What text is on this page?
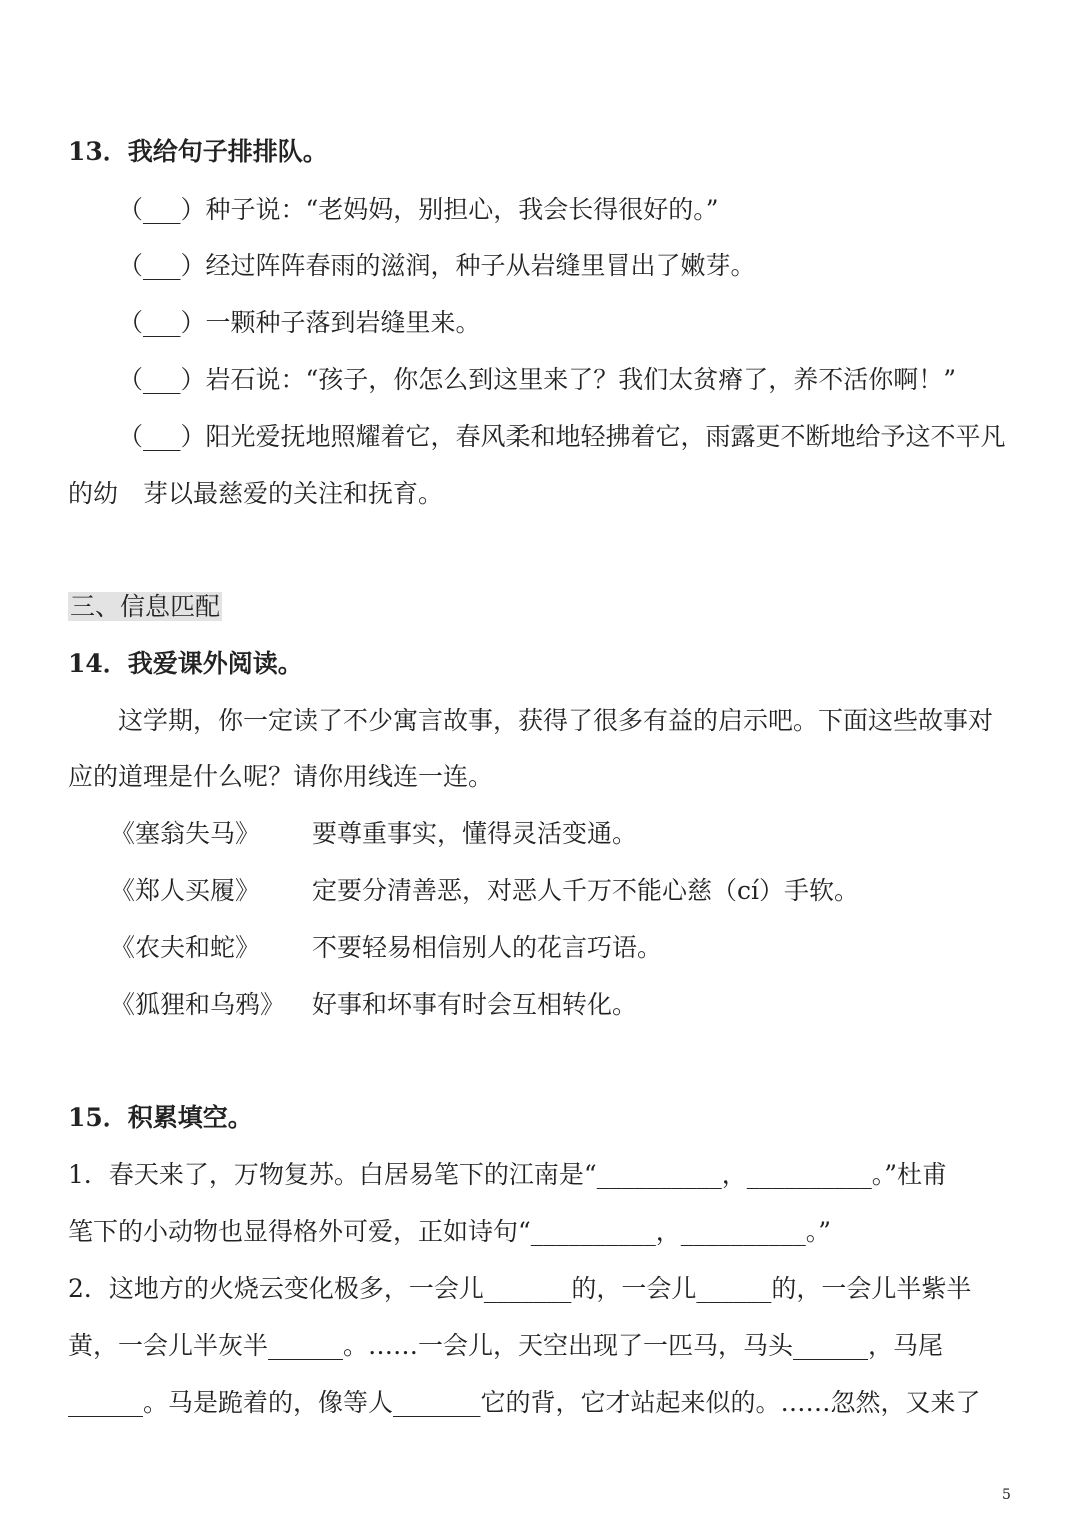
13．我给句子排排队。
（___）种子说：“老妈妈，别担心，我会长得很好的。”
（___）经过阵阵春雨的滋润，种子从岩缝里冒出了嫩芽。
（___）一颗种子落到岩缝里来。
（___）岩石说：“孩子，你怎么到这里来了？我们太贫瘠了，养不活你啊！”
（___）阳光爱抚地照耀着它，春风柔和地轻拂着它，雨露更不断地给予这不平凡
的幼　芽以最慈爱的关注和抚育。
三、信息匹配
14．我爱课外阅读。
这学期，你一定读了不少寓言故事，获得了很多有益的启示吧。下面这些故事对
应的道理是什么呢？请你用线连一连。
《塞翁失马》 要尊重事实，懂得灵活变通。
《郑人买履》 定要分清善恶，对恶人千万不能心慈（cí）手软。
《农夫和蛇》 不要轻易相信别人的花言巧语。
《狐狸和乌鸦》 好事和坏事有时会互相转化。
15．积累填空。
1．春天来了，万物复苏。白居易笔下的江南是“__________，__________。”杜甫
笔下的小动物也显得格外可爱，正如诗句“__________，__________。”
2．这地方的火烧云变化极多，一会儿_______的，一会儿______的，一会儿半紫半
黄，一会儿半灰半______。……一会儿，天空出现了一匹马，马头______，马尾
______。马是跪着的，像等人_______它的背，它才站起来似的。……忽然，又来了
5
